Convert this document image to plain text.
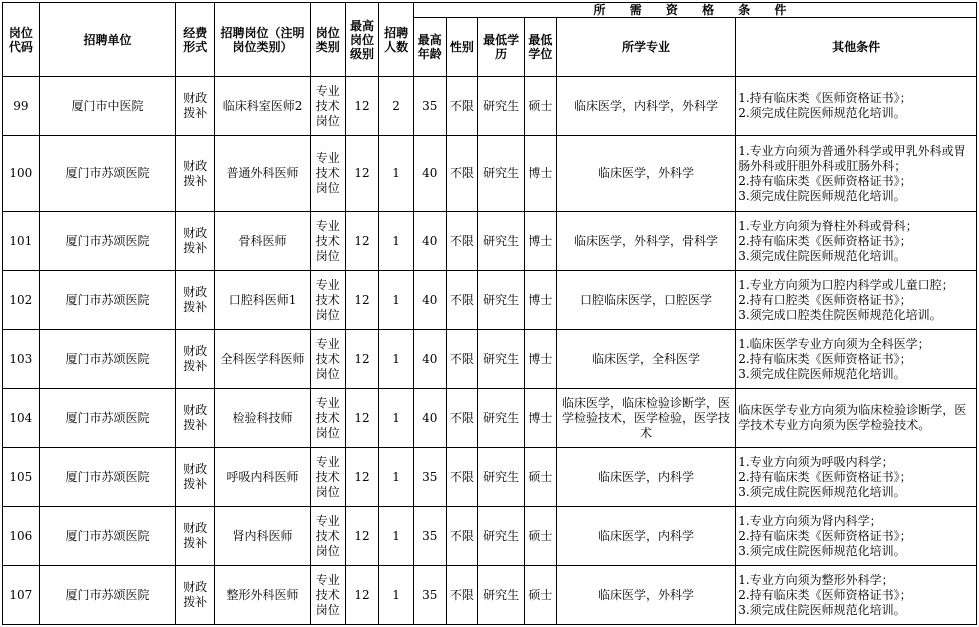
岗位代码	招聘单位	经费形式	招聘岗位（注明岗位类别）	岗位类别	最高岗位级别	招聘人数	所 需 资 格 条 件					
							最高年龄	性别	最低学历	最低学位	所学专业	其他条件
99	厦门市中医院	财政拨补	临床科室医师2	专业技术岗位	12	2	35	不限	研究生	硕士	临床医学，内科学，外科学	1.持有临床类《医师资格证书》；
2.须完成住院医师规范化培训。
100	厦门市苏颂医院	财政拨补	普通外科医师	专业技术岗位	12	1	40	不限	研究生	博士	临床医学，外科学	1.专业方向须为普通外科学或甲乳外科或胃肠外科或肝胆外科或肛肠外科；
2.持有临床类《医师资格证书》；
3.须完成住院医师规范化培训。
101	厦门市苏颂医院	财政拨补	骨科医师	专业技术岗位	12	1	40	不限	研究生	博士	临床医学，外科学，骨科学	1.专业方向须为脊柱外科或骨科；
2.持有临床类《医师资格证书》；
3.须完成住院医师规范化培训。
102	厦门市苏颂医院	财政拨补	口腔科医师1	专业技术岗位	12	1	40	不限	研究生	博士	口腔临床医学，口腔医学	1.专业方向须为口腔内科学或儿童口腔；
2.持有口腔类《医师资格证书》；
3.须完成口腔类住院医师规范化培训。
103	厦门市苏颂医院	财政拨补	全科医学科医师	专业技术岗位	12	1	40	不限	研究生	博士	临床医学，全科医学	1.临床医学专业方向须为全科医学；
2.持有临床类《医师资格证书》；
3.须完成住院医师规范化培训。
104	厦门市苏颂医院	财政拨补	检验科技师	专业技术岗位	12	1	40	不限	研究生	博士	临床医学，临床检验诊断学，医学检验技术，医学检验，医学技术	临床医学专业方向须为临床检验诊断学，医学技术专业方向须为医学检验技术。
105	厦门市苏颂医院	财政拨补	呼吸内科医师	专业技术岗位	12	1	35	不限	研究生	硕士	临床医学，内科学	1.专业方向须为呼吸内科学；
2.持有临床类《医师资格证书》；
3.须完成住院医师规范化培训。
106	厦门市苏颂医院	财政拨补	肾内科医师	专业技术岗位	12	1	35	不限	研究生	硕士	临床医学，内科学	1.专业方向须为肾内科学；
2.持有临床类《医师资格证书》；
3.须完成住院医师规范化培训。
107	厦门市苏颂医院	财政拨补	整形外科医师	专业技术岗位	12	1	35	不限	研究生	硕士	临床医学，外科学	1.专业方向须为整形外科学；
2.持有临床类《医师资格证书》；
3.须完成住院医师规范化培训。
